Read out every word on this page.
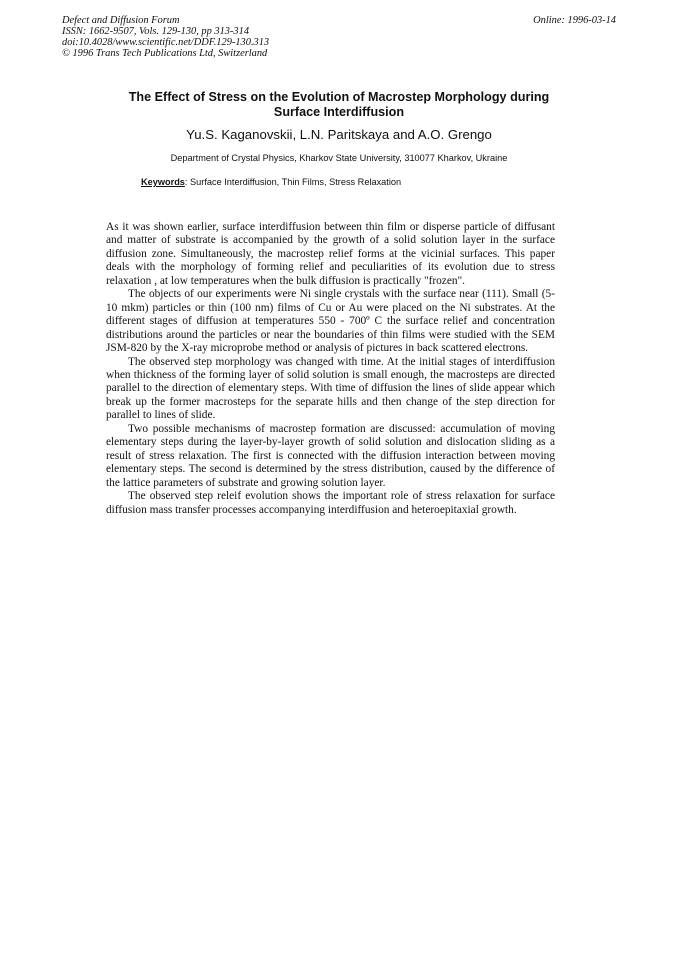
Defect and Diffusion Forum
ISSN: 1662-9507, Vols. 129-130, pp 313-314
doi:10.4028/www.scientific.net/DDF.129-130.313
© 1996 Trans Tech Publications Ltd, Switzerland
Online: 1996-03-14
The Effect of Stress on the Evolution of Macrostep Morphology during
Surface Interdiffusion
Yu.S. Kaganovskii, L.N. Paritskaya and A.O. Grengo
Department of Crystal Physics, Kharkov State University, 310077 Kharkov, Ukraine
Keywords: Surface Interdiffusion, Thin Films, Stress Relaxation

As it was shown earlier, surface interdiffusion between thin film or disperse particle of diffusant and matter of substrate is accompanied by the growth of a solid solution layer in the surface diffusion zone. Simultaneously, the macrostep relief forms at the vicinial surfaces. This paper deals with the morphology of forming relief and peculiarities of its evolution due to stress relaxation , at low temperatures when the bulk diffusion is practically "frozen".

The objects of our experiments were Ni single crystals with the surface near (111). Small (5-10 mkm) particles or thin (100 nm) films of Cu or Au were placed on the Ni substrates. At the different stages of diffusion at temperatures 550 - 700º C the surface relief and concentration distributions around the particles or near the boundaries of thin films were studied with the SEM JSM-820 by the X-ray microprobe method or analysis of pictures in back scattered electrons.

The observed step morphology was changed with time. At the initial stages of interdiffusion when thickness of the forming layer of solid solution is small enough, the macrosteps are directed parallel to the direction of elementary steps. With time of diffusion the lines of slide appear which break up the former macrosteps for the separate hills and then change of the step direction for parallel to lines of slide.

Two possible mechanisms of macrostep formation are discussed: accumulation of moving elementary steps during the layer-by-layer growth of solid solution and dislocation sliding as a result of stress relaxation. The first is connected with the diffusion interaction between moving elementary steps. The second is determined by the stress distribution, caused by the difference of the lattice parameters of substrate and growing solution layer.

The observed step releif evolution shows the important role of stress relaxation for surface diffusion mass transfer processes accompanying interdiffusion and heteroepitaxial growth.
